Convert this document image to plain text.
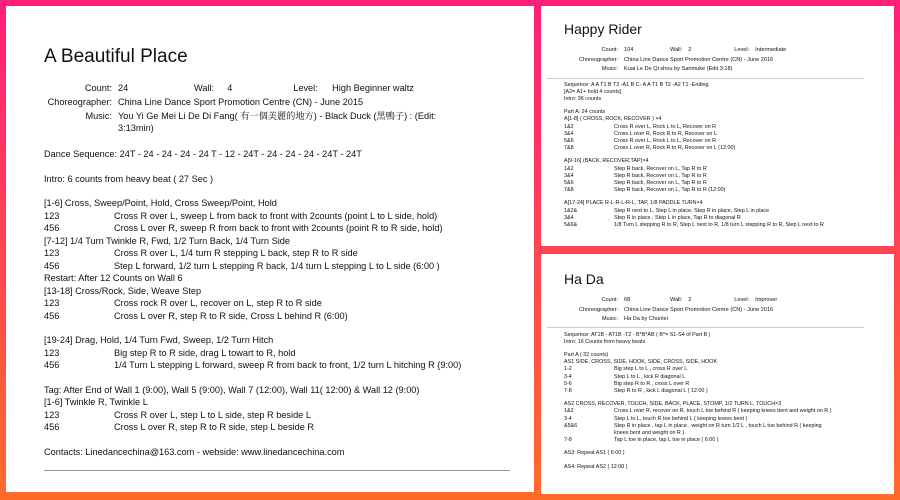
A Beautiful Place
Count:	24	Wall:	4	Level:	High Beginner waltz
Choreographer:	China Line Dance Sport Promotion Centre (CN) - June 2015				
Music:	You Yi Ge Mei Li De Di Fang( 有一個美麗的地方) - Black Duck (黑鴨子) : (Edit: 3:13min)				
Dance Sequence: 24T - 24 - 24 - 24 - 24 T - 12 - 24T - 24 - 24 - 24 - 24T - 24T
Intro: 6 counts from heavy beat ( 27 Sec )
[1-6] Cross, Sweep/Point, Hold, Cross Sweep/Point, Hold
123	Cross R over L, sweep L from back to front with 2counts (point L to L side, hold)
456	Cross L over R, sweep R from back to front with 2counts (point R to R side, hold)
[7-12] 1/4 Turn Twinkle R, Fwd, 1/2 Turn Back, 1/4 Turn Side
123	Cross R over L, 1/4 turn R stepping L back, step R to R side
456	Step L forward, 1/2 turn L stepping R back, 1/4 turn L stepping L to L side (6:00 )
Restart: After 12 Counts on Wall 6
[13-18] Cross/Rock, Side, Weave Step
123	Cross rock R over L, recover on L, step R to R side
456	Cross L over R, step R to R side, Cross L behind R (6:00)
[19-24] Drag, Hold, 1/4 Turn Fwd, Sweep, 1/2 Turn Hitch
123	Big step R to R side, drag L towart to R, hold
456	1/4 Turn L stepping L forward, sweep R from back to front, 1/2 turn L hitching R {9:00)
Tag: After End of Wall 1 (9:00), Wall 5 (9:00), Wall 7 (12:00), Wall 11( 12:00) & Wall 12 (9:00)
[1-6] Twinkle R, Twinkle L
123	Cross R over L, step L to L side, step R beside L
456	Cross L over R, step R to R side, step L beside R
Contacts: Linedancechina@163.com - webside: www.linedancechina.com
Happy Rider
Count:	104	Wall:	2	Level:	Intermediate
Choreographer:	China Line Dance Sport Promotion Centre (CN) - June 2016				
Music:	Kuai Le De Qi shou by Sanmuke (Edit 3:18)				
Sequence: A A T1 B T2 -A1 B C- A A T1 B T2 -A2 T1 -Ending
[A2= A1+ hold 4 counts]
Intro: 36 counts
Part A: 24 counts
A[1-8] ( CROSS, ROCK, RECOVER ) ×4
1&2	Cross R over L, Rock L to L, Recover on R
3&4	Cross L over R, Rock R to R, Recover on L
5&6	Cross R over L, Rock L to L, Recover on R
7&8	Cross L over R, Rock R to R, Recover on L (12:00)
A[9-16] (BACK, RECOVER,TAP)×4
1&2	Step R back, Recover on L, Tap R to R
3&4	Step R back, Recover on L, Tap R to R
5&6	Step R back, Recover on L, Tap R to R
7&8	Step R back, Recover on L, Tap R to R (12:00)
A[17-24] PLACE R-L-R-L-R-L, TAP, 1/8 PADDLE TURN×4
1&2&	Step R next to L, Step L in place, Step R in place, Step L in place
3&4	Step R in place , Step L in place, Tap R to diagonal R
5&6&	1/8 Turn L stepping R to R, Step L next to R, 1/8 turn L stepping R to R, Step L next to R
Ha Da
Count:	68	Wall:	2	Level:	Improver
Choreographer:	China Line Dance Sport Promotion Centre (CN) - June 2016				
Music:	Ha Da by Chunlei				
Sequence: AT1B - AT1B -T2 - B*B*AB ( B*= S1-S4 of Part B )
Intro: 16 Counts from heavy beats
Part A ( 32 counts)
AS1 SIDE, CROSS, SIDE, HOOK, SIDE, CROSS, SIDE, HOOK
1-2	Big step L to L , cross R over L
3-4	Step L to L , kick R diagonal L
5-6	Big step R to R , cross L over R
7-8	Step R to R , kick L diagonal L ( 12:00 )
AS2 CROSS, RECOVER, TOUCH, SIDE, BACK, PLACE, STOMP, 1/2 TURN L, TOUCH×3
1&2	Cross L over R, recover on R, touch L toe behind R ( keeping knees bent and weight on R )
3-4	Step L to L, touch R toe behind L ( keeping knees bent )
&5&6	Step R in place , tap L in place , weight on R turn 1/2 L , touch L toe behind R ( keeping
knees bent and weight on R )
7-8	Tap L toe in place, tap L toe in place ( 6:00 )
AS3: Repeat AS1 ( 6:00 )
AS4: Repeat AS2 ( 12:00 )
